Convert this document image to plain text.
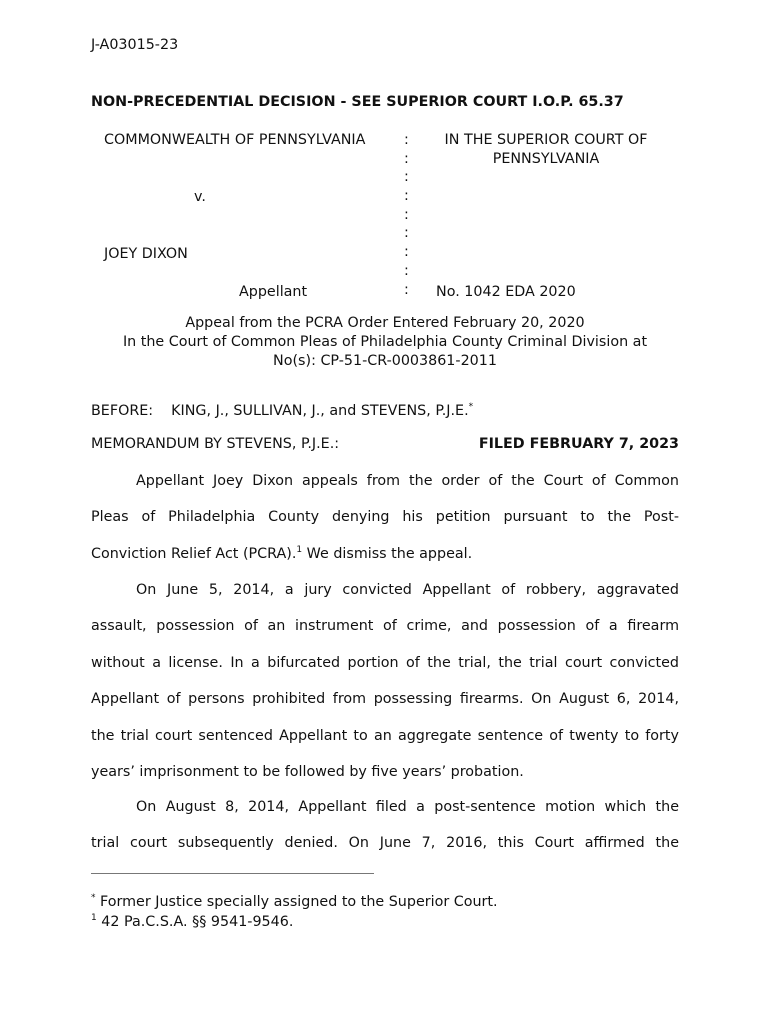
J-A03015-23
NON-PRECEDENTIAL DECISION - SEE SUPERIOR COURT I.O.P. 65.37
COMMONWEALTH OF PENNSYLVANIA
v.
JOEY DIXON
Appellant
:
:
:
:
:
:
:
:
:
IN THE SUPERIOR COURT OF
PENNSYLVANIA
No. 1042 EDA 2020
Appeal from the PCRA Order Entered February 20, 2020
In the Court of Common Pleas of Philadelphia County Criminal Division at
No(s): CP-51-CR-0003861-2011
BEFORE: KING, J., SULLIVAN, J., and STEVENS, P.J.E.*
MEMORANDUM BY STEVENS, P.J.E.:	FILED FEBRUARY 7, 2023
Appellant Joey Dixon appeals from the order of the Court of Common
Pleas of Philadelphia County denying his petition pursuant to the Post-
Conviction Relief Act (PCRA).$^1$ We dismiss the appeal.
On June 5, 2014, a jury convicted Appellant of robbery, aggravated
assault, possession of an instrument of crime, and possession of a firearm
without a license. In a bifurcated portion of the trial, the trial court convicted
Appellant of persons prohibited from possessing firearms. On August 6, 2014,
the trial court sentenced Appellant to an aggregate sentence of twenty to forty
years’ imprisonment to be followed by five years’ probation.
On August 8, 2014, Appellant filed a post-sentence motion which the
trial court subsequently denied. On June 7, 2016, this Court affirmed the
* Former Justice specially assigned to the Superior Court.
$^1$ 42 Pa.C.S.A. §§ 9541-9546.
